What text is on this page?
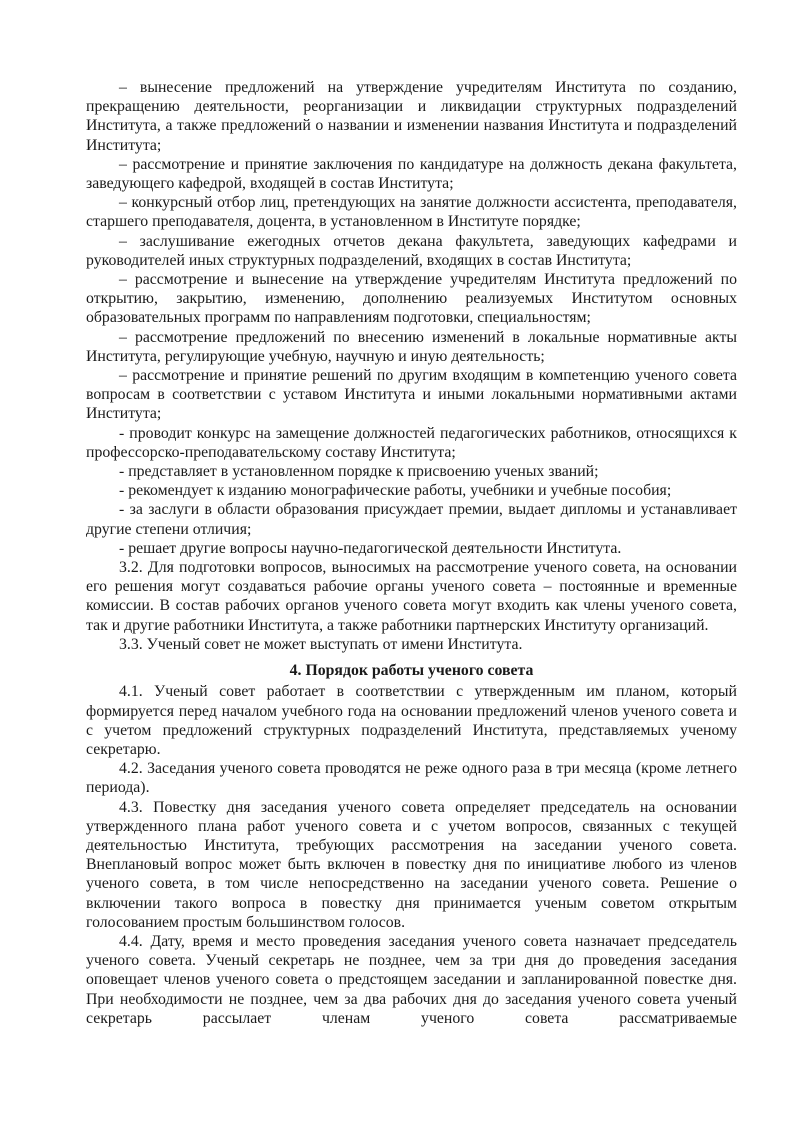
– вынесение предложений на утверждение учредителям Института по созданию, прекращению деятельности, реорганизации и ликвидации структурных подразделений Института, а также предложений о названии и изменении названия Института и подразделений Института;

– рассмотрение и принятие заключения по кандидатуре на должность декана факультета, заведующего кафедрой, входящей в состав Института;

– конкурсный отбор лиц, претендующих на занятие должности ассистента, преподавателя, старшего преподавателя, доцента, в установленном в Институте порядке;

– заслушивание ежегодных отчетов декана факультета, заведующих кафедрами и руководителей иных структурных подразделений, входящих в состав Института;

– рассмотрение и вынесение на утверждение учредителям Института предложений по открытию, закрытию, изменению, дополнению реализуемых Институтом основных образовательных программ по направлениям подготовки, специальностям;

– рассмотрение предложений по внесению изменений в локальные нормативные акты Института, регулирующие учебную, научную и иную деятельность;

– рассмотрение и принятие решений по другим входящим в компетенцию ученого совета вопросам в соответствии с уставом Института и иными локальными нормативными актами Института;

- проводит конкурс на замещение должностей педагогических работников, относящихся к профессорско-преподавательскому составу Института;

- представляет в установленном порядке к присвоению ученых званий;

- рекомендует к изданию монографические работы, учебники и учебные пособия;

- за заслуги в области образования присуждает премии, выдает дипломы и устанавливает другие степени отличия;

- решает другие вопросы научно-педагогической деятельности Института.

3.2. Для подготовки вопросов, выносимых на рассмотрение ученого совета, на основании его решения могут создаваться рабочие органы ученого совета – постоянные и временные комиссии. В состав рабочих органов ученого совета могут входить как члены ученого совета, так и другие работники Института, а также работники партнерских Институту организаций.

3.3. Ученый совет не может выступать от имени Института.

4. Порядок работы ученого совета

4.1. Ученый совет работает в соответствии с утвержденным им планом, который формируется перед началом учебного года на основании предложений членов ученого совета и с учетом предложений структурных подразделений Института, представляемых ученому секретарю.

4.2. Заседания ученого совета проводятся не реже одного раза в три месяца (кроме летнего периода).

4.3. Повестку дня заседания ученого совета определяет председатель на основании утвержденного плана работ ученого совета и с учетом вопросов, связанных с текущей деятельностью Института, требующих рассмотрения на заседании ученого совета. Внеплановый вопрос может быть включен в повестку дня по инициативе любого из членов ученого совета, в том числе непосредственно на заседании ученого совета. Решение о включении такого вопроса в повестку дня принимается ученым советом открытым голосованием простым большинством голосов.

4.4. Дату, время и место проведения заседания ученого совета назначает председатель ученого совета. Ученый секретарь не позднее, чем за три дня до проведения заседания оповещает членов ученого совета о предстоящем заседании и запланированной повестке дня. При необходимости не позднее, чем за два рабочих дня до заседания ученого совета ученый секретарь рассылает членам ученого совета рассматриваемые
